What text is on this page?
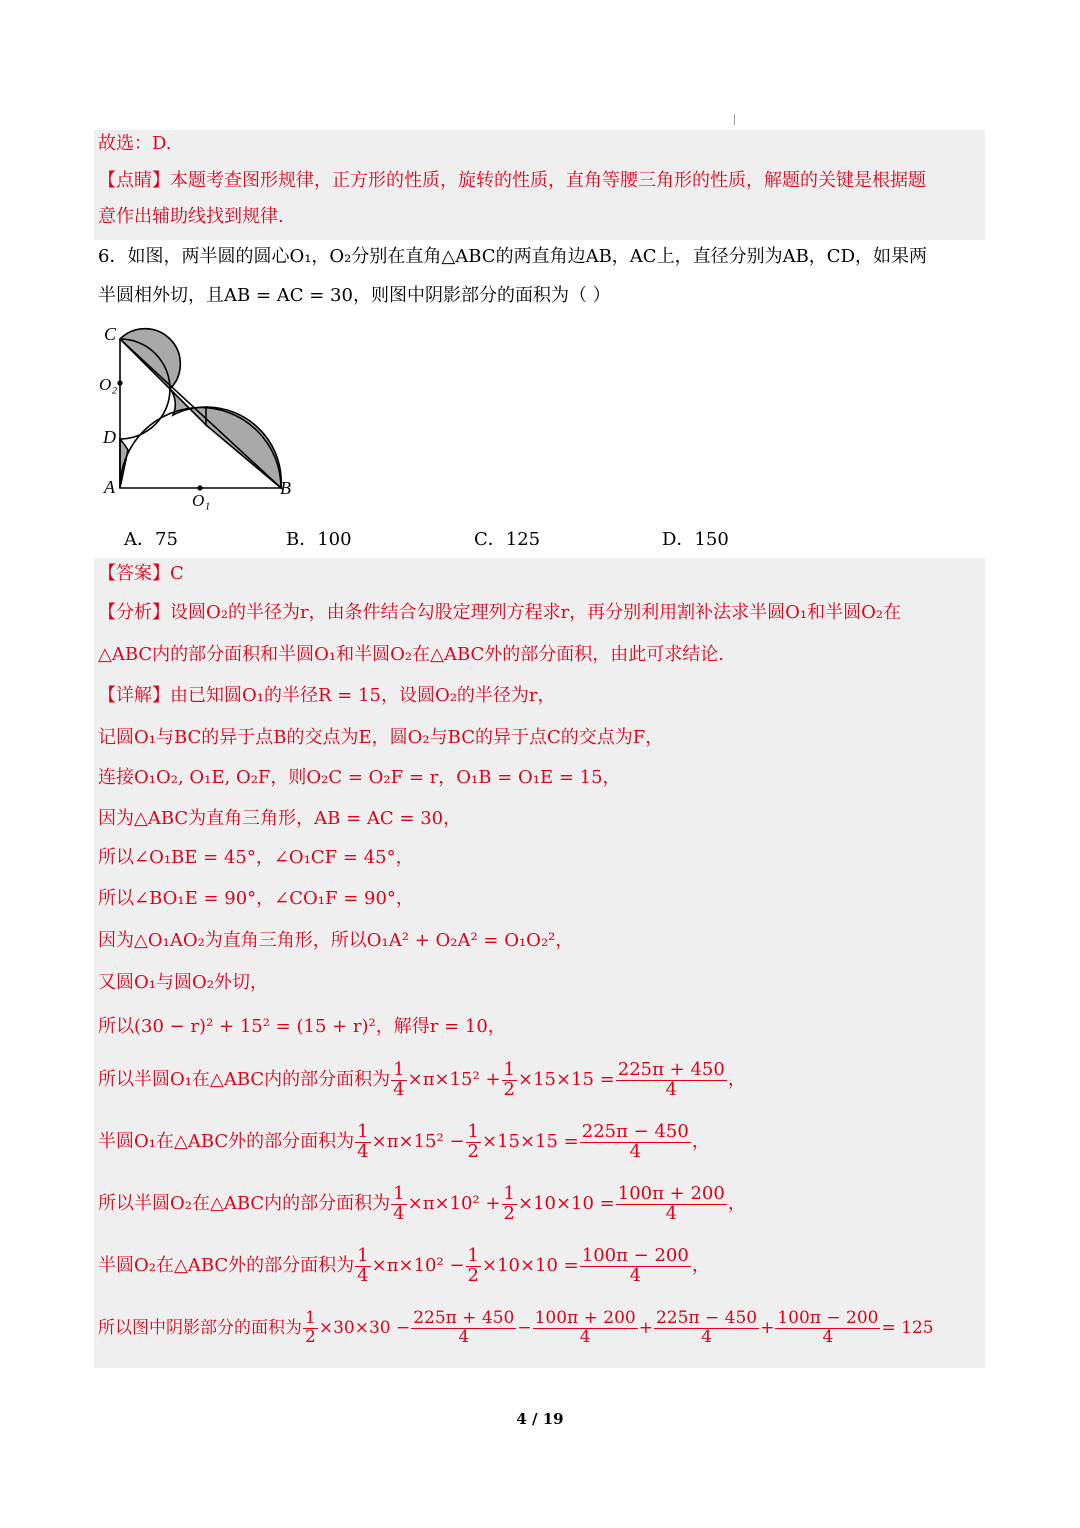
故选：D.
【点睛】本题考查图形规律，正方形的性质，旋转的性质，直角等腰三角形的性质，解题的关键是根据题
意作出辅助线找到规律.
6．如图，两半圆的圆心O₁，O₂分别在直角△ABC的两直角边AB，AC上，直径分别为AB，CD，如果两
半圆相外切，且AB = AC = 30，则图中阴影部分的面积为（ ）
C
O₂
D
A
O₁
B
A．75	B．100	C．125	D．150
【答案】C
【分析】设圆O₂的半径为r，由条件结合勾股定理列方程求r，再分别利用割补法求半圆O₁和半圆O₂在
△ABC内的部分面积和半圆O₁和半圆O₂在△ABC外的部分面积，由此可求结论.
【详解】由已知圆O₁的半径R = 15，设圆O₂的半径为r，
记圆O₁与BC的异于点B的交点为E，圆O₂与BC的异于点C的交点为F，
连接O₁O₂, O₁E, O₂F，则O₂C = O₂F = r，O₁B = O₁E = 15，
因为△ABC为直角三角形，AB = AC = 30，
所以∠O₁BE = 45°，∠O₁CF = 45°，
所以∠BO₁E = 90°，∠CO₁F = 90°，
因为△O₁AO₂为直角三角形，所以O₁A² + O₂A² = O₁O₂²，
又圆O₁与圆O₂外切，
所以(30 − r)² + 15² = (15 + r)²，解得r = 10，
所以半圆O₁在△ABC内的部分面积为 $\frac{1}{4} \times\pi\times 15^2 + \frac{1}{2} \times 15\times 15 = \frac{225\pi + 450}{4}$ ，
半圆O₁在△ABC外的部分面积为 $\frac{1}{4} \times\pi\times 15^2 - \frac{1}{2} \times 15\times 15 = \frac{225\pi - 450}{4}$ ，
所以半圆O₂在△ABC内的部分面积为 $\frac{1}{4} \times\pi\times 10^2 + \frac{1}{2} \times 10\times 10 = \frac{100\pi + 200}{4}$ ，
半圆O₂在△ABC外的部分面积为 $\frac{1}{4} \times\pi\times 10^2 - \frac{1}{2} \times 10\times 10 = \frac{100\pi - 200}{4}$ ，
所以图中阴影部分的面积为 $\frac{1}{2} \times 30\times 30 - \frac{225\pi + 450}{4} - \frac{100\pi + 200}{4} + \frac{225\pi - 450}{4} + \frac{100\pi - 200}{4} = 125$
4 / 19
